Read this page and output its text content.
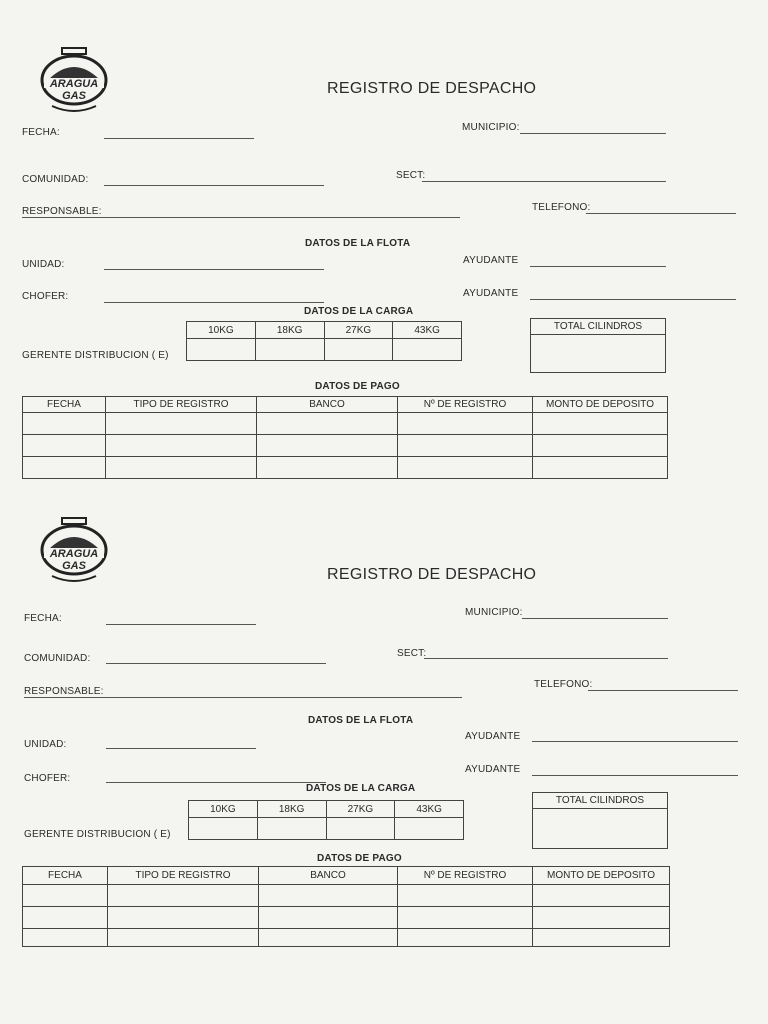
ARAGUA GAS	REGISTRO DE DESPACHO
FECHA:	MUNICIPIO:
COMUNIDAD:	SECT:
RESPONSABLE:	TELEFONO:
DATOS DE LA FLOTA
UNIDAD:	AYUDANTE
CHOFER:	AYUDANTE
DATOS DE LA CARGA
10KG	18KG	27KG	43KG

GERENTE DISTRIBUCION ( E)
TOTAL CILINDROS

DATOS DE PAGO
FECHA	TIPO DE REGISTRO	BANCO	Nº DE REGISTRO	MONTO DE DEPOSITO

ARAGUA GAS	REGISTRO DE DESPACHO
FECHA:
MUNICIPIO:
COMUNIDAD:	SECT:
RESPONSABLE:
TELEFONO:
DATOS DE LA FLOTA
UNIDAD:
AYUDANTE
CHOFER:
AYUDANTE
DATOS DE LA CARGA
10KG	18KG	27KG	43KG

GERENTE DISTRIBUCION ( E)
TOTAL CILINDROS

DATOS DE PAGO
FECHA	TIPO DE REGISTRO	BANCO	Nº DE REGISTRO	MONTO DE DEPOSITO
